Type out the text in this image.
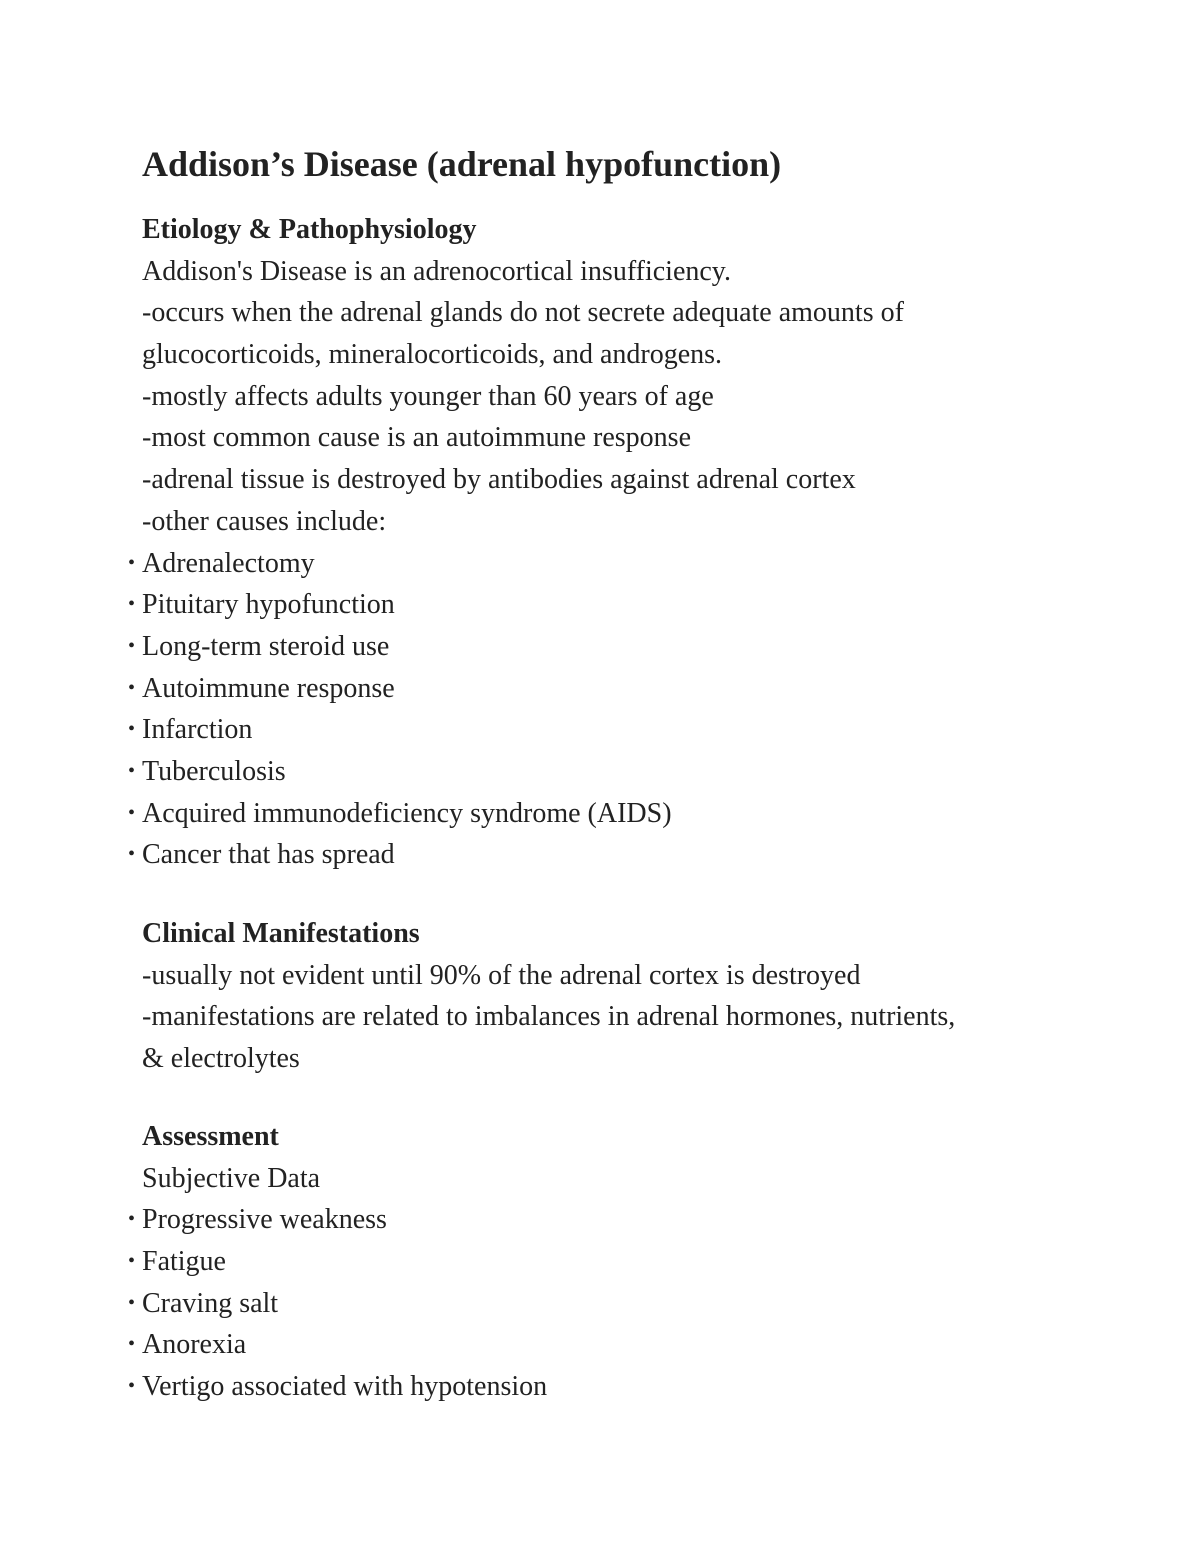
Addison’s Disease (adrenal hypofunction)
Etiology & Pathophysiology
Addison's Disease is an adrenocortical insufficiency.
-occurs when the adrenal glands do not secrete adequate amounts of
glucocorticoids, mineralocorticoids, and androgens.
-mostly affects adults younger than 60 years of age
-most common cause is an autoimmune response
-adrenal tissue is destroyed by antibodies against adrenal cortex
-other causes include:
• Adrenalectomy
• Pituitary hypofunction
• Long-term steroid use
• Autoimmune response
• Infarction
• Tuberculosis
• Acquired immunodeficiency syndrome (AIDS)
• Cancer that has spread
Clinical Manifestations
-usually not evident until 90% of the adrenal cortex is destroyed
-manifestations are related to imbalances in adrenal hormones, nutrients,
& electrolytes
Assessment
Subjective Data
• Progressive weakness
• Fatigue
• Craving salt
• Anorexia
• Vertigo associated with hypotension
